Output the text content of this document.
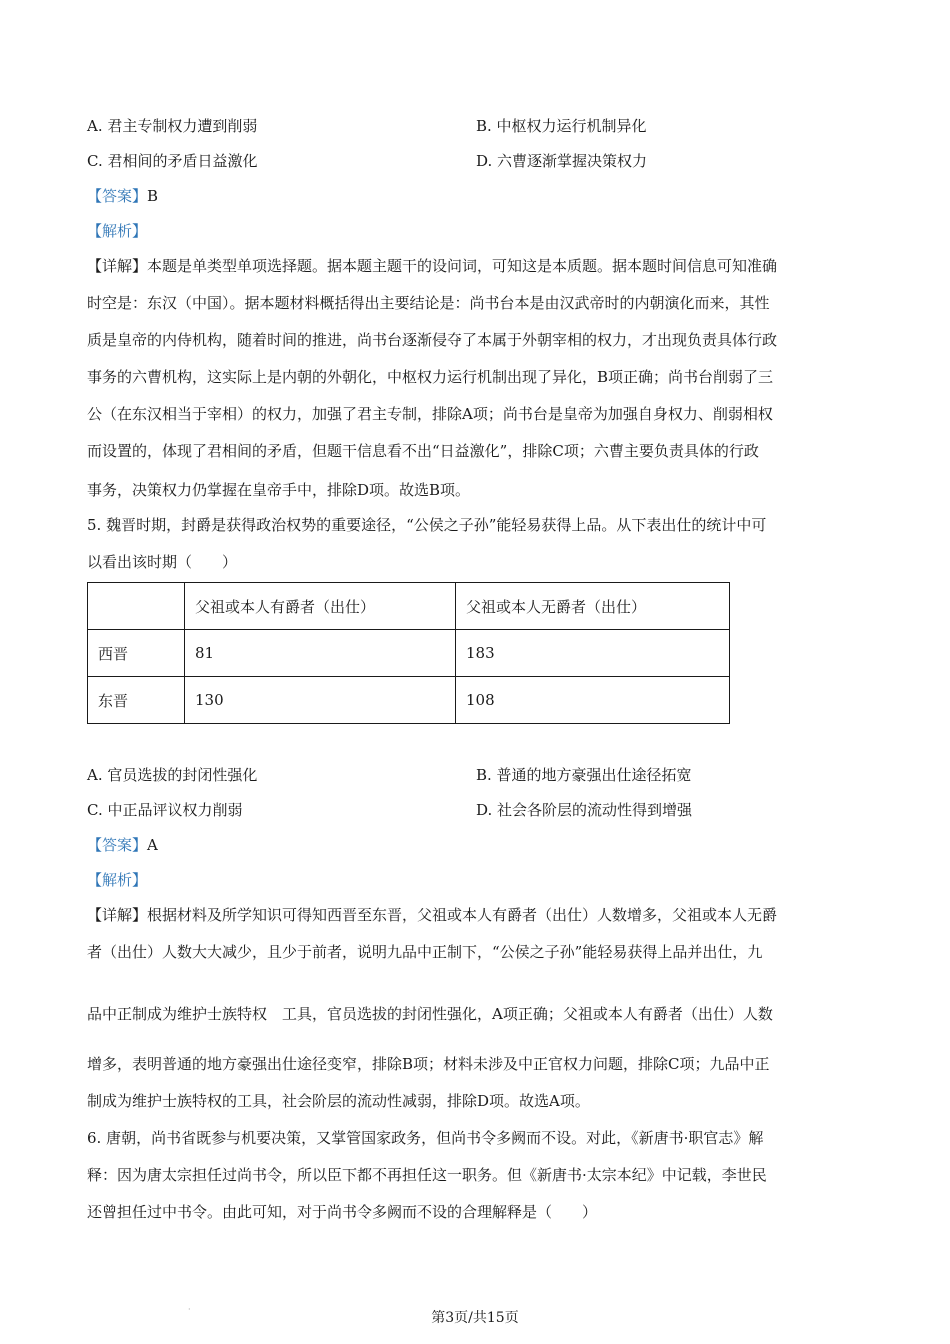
A. 君主专制权力遭到削弱	B. 中枢权力运行机制异化
C. 君相间的矛盾日益激化	D. 六曹逐渐掌握决策权力
【答案】B
【解析】
【详解】本题是单类型单项选择题。据本题主题干的设问词，可知这是本质题。据本题时间信息可知准确
时空是：东汉（中国）。据本题材料概括得出主要结论是：尚书台本是由汉武帝时的内朝演化而来，其性
质是皇帝的内侍机构，随着时间的推进，尚书台逐渐侵夺了本属于外朝宰相的权力，才出现负责具体行政
事务的六曹机构，这实际上是内朝的外朝化，中枢权力运行机制出现了异化，B项正确；尚书台削弱了三
公（在东汉相当于宰相）的权力，加强了君主专制，排除A项；尚书台是皇帝为加强自身权力、削弱相权
而设置的，体现了君相间的矛盾，但题干信息看不出“日益激化”，排除C项；六曹主要负责具体的行政
事务，决策权力仍掌握在皇帝手中，排除D项。故选B项。
5. 魏晋时期，封爵是获得政治权势的重要途径，“公侯之子孙”能轻易获得上品。从下表出仕的统计中可
以看出该时期（　　）
	父祖或本人有爵者（出仕）	父祖或本人无爵者（出仕）
西晋	81	183
东晋	130	108
A. 官员选拔的封闭性强化	B. 普通的地方豪强出仕途径拓宽
C. 中正品评议权力削弱	D. 社会各阶层的流动性得到增强
【答案】A
【解析】
【详解】根据材料及所学知识可得知西晋至东晋，父祖或本人有爵者（出仕）人数增多，父祖或本人无爵
者（出仕）人数大大减少，且少于前者，说明九品中正制下，“公侯之子孙”能轻易获得上品并出仕，九
品中正制成为维护士族特权　工具，官员选拔的封闭性强化，A项正确；父祖或本人有爵者（出仕）人数
增多，表明普通的地方豪强出仕途径变窄，排除B项；材料未涉及中正官权力问题，排除C项；九品中正
制成为维护士族特权的工具，社会阶层的流动性减弱，排除D项。故选A项。
6. 唐朝，尚书省既参与机要决策，又掌管国家政务，但尚书令多阙而不设。对此，《新唐书·职官志》解
释：因为唐太宗担任过尚书令，所以臣下都不再担任这一职务。但《新唐书·太宗本纪》中记载，李世民
还曾担任过中书令。由此可知，对于尚书令多阙而不设的合理解释是（　　）
·
第3页/共15页
